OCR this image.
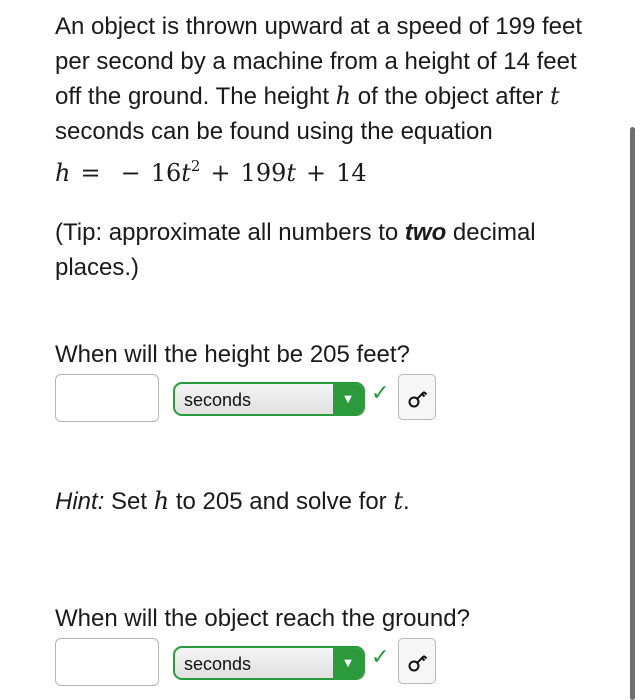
An object is thrown upward at a speed of 199 feet per second by a machine from a height of 14 feet off the ground. The height h of the object after t seconds can be found using the equation h = − $16t^2 + 199t + 14$

(Tip: approximate all numbers to two decimal places.)

When will the height be 205 feet?

seconds	▼ ✓

Hint: Set h to 205 and solve for t.

When will the object reach the ground?

seconds	▼ ✓
